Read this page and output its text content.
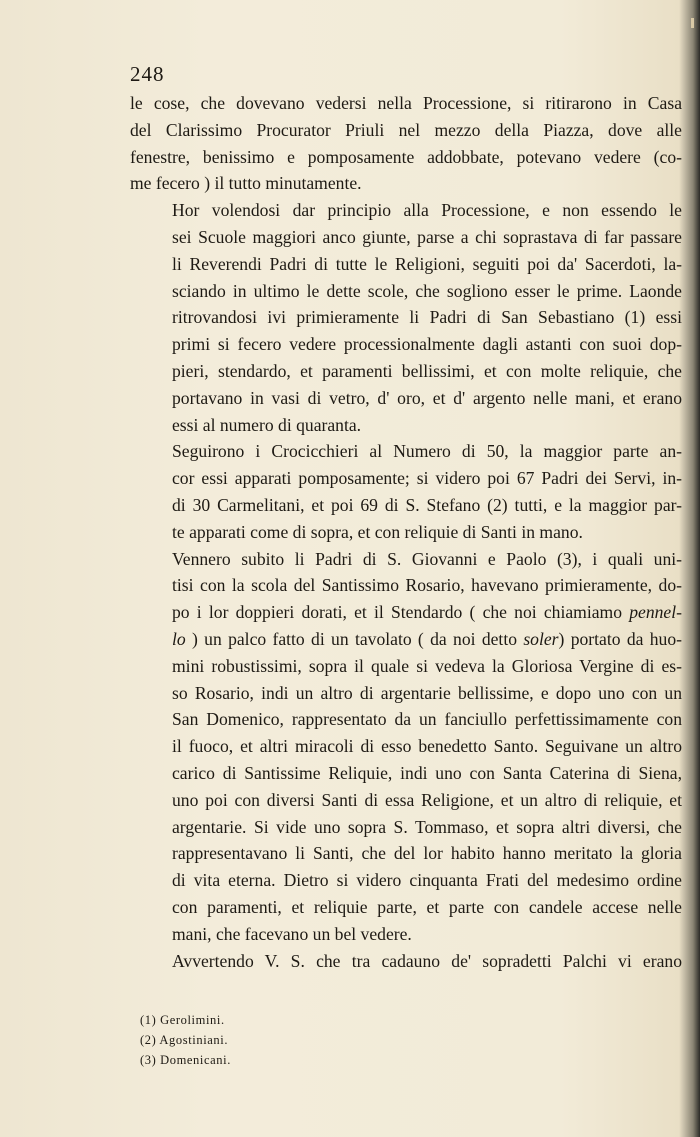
248

le cose, che dovevano vedersi nella Processione, si ritirarono in Casa
del Clarissimo Procurator Priuli nel mezzo della Piazza, dove alle
fenestre, benissimo e pomposamente addobbate, potevano vedere (co-
me fecero ) il tutto minutamente.

Hor volendosi dar principio alla Processione, e non essendo le
sei Scuole maggiori anco giunte, parse a chi soprastava di far passare
li Reverendi Padri di tutte le Religioni, seguiti poi da' Sacerdoti, la-
sciando in ultimo le dette scole, che sogliono esser le prime. Laonde
ritrovandosi ivi primieramente li Padri di San Sebastiano (1) essi
primi si fecero vedere processionalmente dagli astanti con suoi dop-
pieri, stendardo, et paramenti bellissimi, et con molte reliquie, che
portavano in vasi di vetro, d' oro, et d' argento nelle mani, et erano
essi al numero di quaranta.

Seguirono i Crocicchieri al Numero di 50, la maggior parte an-
cor essi apparati pomposamente; si videro poi 67 Padri dei Servi, in-
di 30 Carmelitani, et poi 69 di S. Stefano (2) tutti, e la maggior par-
te apparati come di sopra, et con reliquie di Santi in mano.

Vennero subito li Padri di S. Giovanni e Paolo (3), i quali uni-
tisi con la scola del Santissimo Rosario, havevano primieramente, do-
po i lor doppieri dorati, et il Stendardo ( che noi chiamiamo pennel-
lo ) un palco fatto di un tavolato ( da noi detto soler) portato da huo-
mini robustissimi, sopra il quale si vedeva la Gloriosa Vergine di es-
so Rosario, indi un altro di argentarie bellissime, e dopo uno con un
San Domenico, rappresentato da un fanciullo perfettissimamente con
il fuoco, et altri miracoli di esso benedetto Santo. Seguivane un altro
carico di Santissime Reliquie, indi uno con Santa Caterina di Siena,
uno poi con diversi Santi di essa Religione, et un altro di reliquie, et
argentarie. Si vide uno sopra S. Tommaso, et sopra altri diversi, che
rappresentavano li Santi, che del lor habito hanno meritato la gloria
di vita eterna. Dietro si videro cinquanta Frati del medesimo ordine
con paramenti, et reliquie parte, et parte con candele accese nelle
mani, che facevano un bel vedere.

Avvertendo V. S. che tra cadauno de' sopradetti Palchi vi erano

(1) Gerolimini.
(2) Agostiniani.
(3) Domenicani.
